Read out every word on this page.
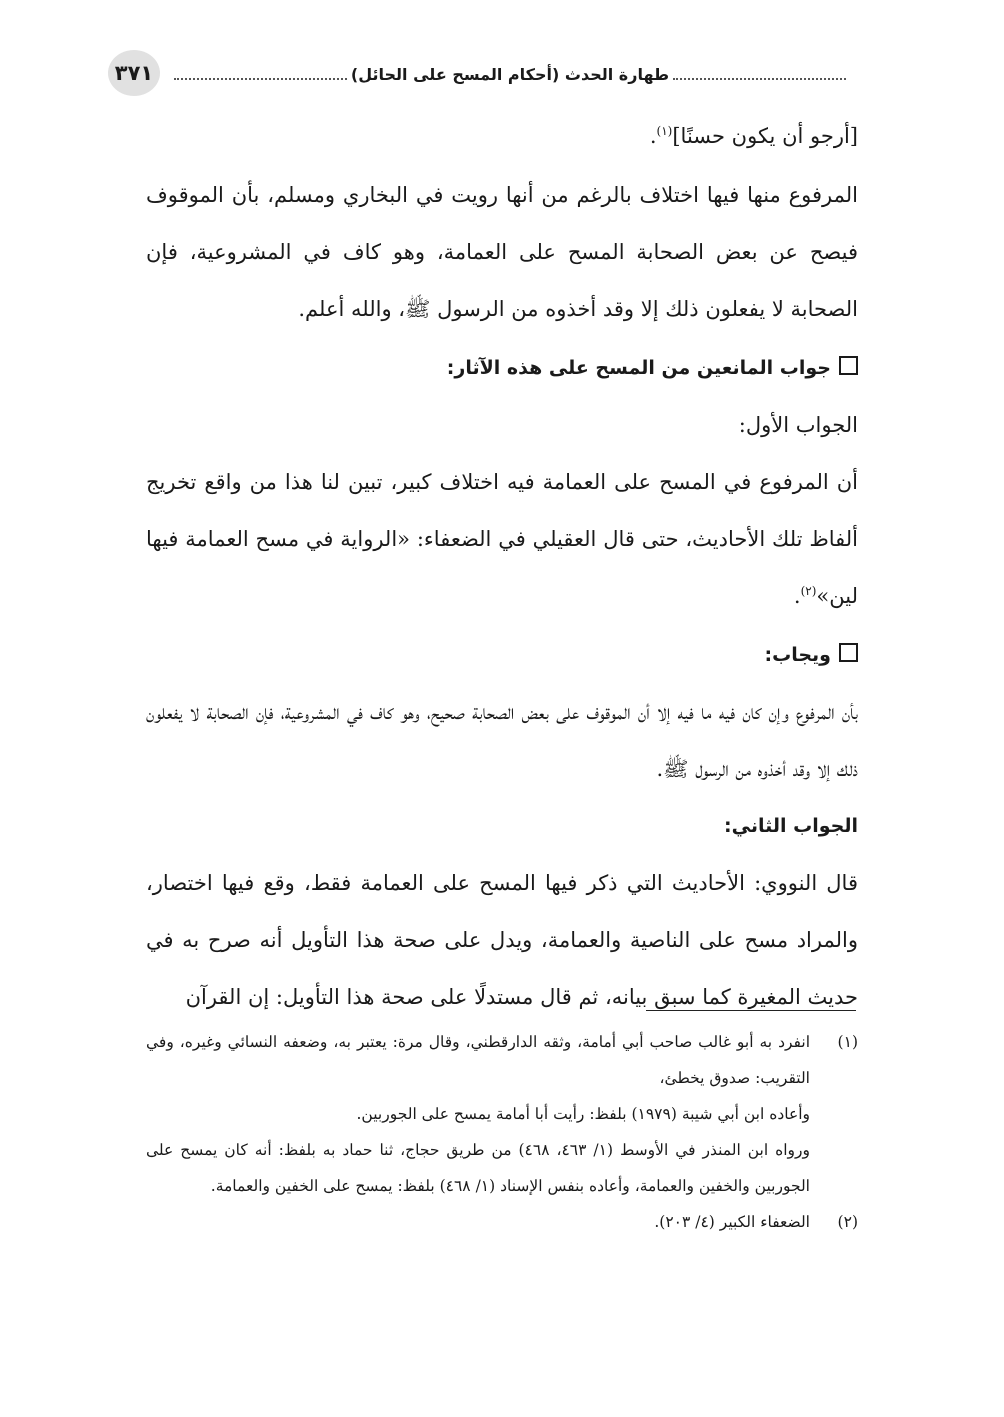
٣٧١	طهارة الحدث (أحكام المسح على الحائل)

[أرجو أن يكون حسنًا]$^{(١)}$.

المرفوع منها فيها اختلاف بالرغم من أنها رويت في البخاري ومسلم، بأن الموقوف فيصح عن بعض الصحابة المسح على العمامة، وهو كاف في المشروعية، فإن الصحابة لا يفعلون ذلك إلا وقد أخذوه من الرسول ﷺ، والله أعلم.

جواب المانعين من المسح على هذه الآثار:

الجواب الأول:

أن المرفوع في المسح على العمامة فيه اختلاف كبير، تبين لنا هذا من واقع تخريج ألفاظ تلك الأحاديث، حتى قال العقيلي في الضعفاء: «الرواية في مسح العمامة فيها لين»$^{(٢)}$.

ويجاب:

بأن المرفوع وإن كان فيه ما فيه إلا أن الموقوف على بعض الصحابة صحيح، وهو كاف في المشروعية، فإن الصحابة لا يفعلون ذلك إلا وقد أخذوه من الرسول ﷺ.

الجواب الثاني:

قال النووي: الأحاديث التي ذكر فيها المسح على العمامة فقط، وقع فيها اختصار، والمراد مسح على الناصية والعمامة، ويدل على صحة هذا التأويل أنه صرح به في حديث المغيرة كما سبق بيانه، ثم قال مستدلًا على صحة هذا التأويل: إن القرآن

(١)

انفرد به أبو غالب صاحب أبي أمامة، وثقه الدارقطني، وقال مرة: يعتبر به، وضعفه النسائي وغيره، وفي التقريب: صدوق يخطئ،

وأعاده ابن أبي شيبة (١٩٧٩) بلفظ: رأيت أبا أمامة يمسح على الجوربين.

ورواه ابن المنذر في الأوسط (١/ ٤٦٣، ٤٦٨) من طريق حجاج، ثنا حماد به بلفظ: أنه كان يمسح على الجوربين والخفين والعمامة، وأعاده بنفس الإسناد (١/ ٤٦٨) بلفظ: يمسح على الخفين والعمامة.

(٢)

الضعفاء الكبير (٤/ ٢٠٣).
